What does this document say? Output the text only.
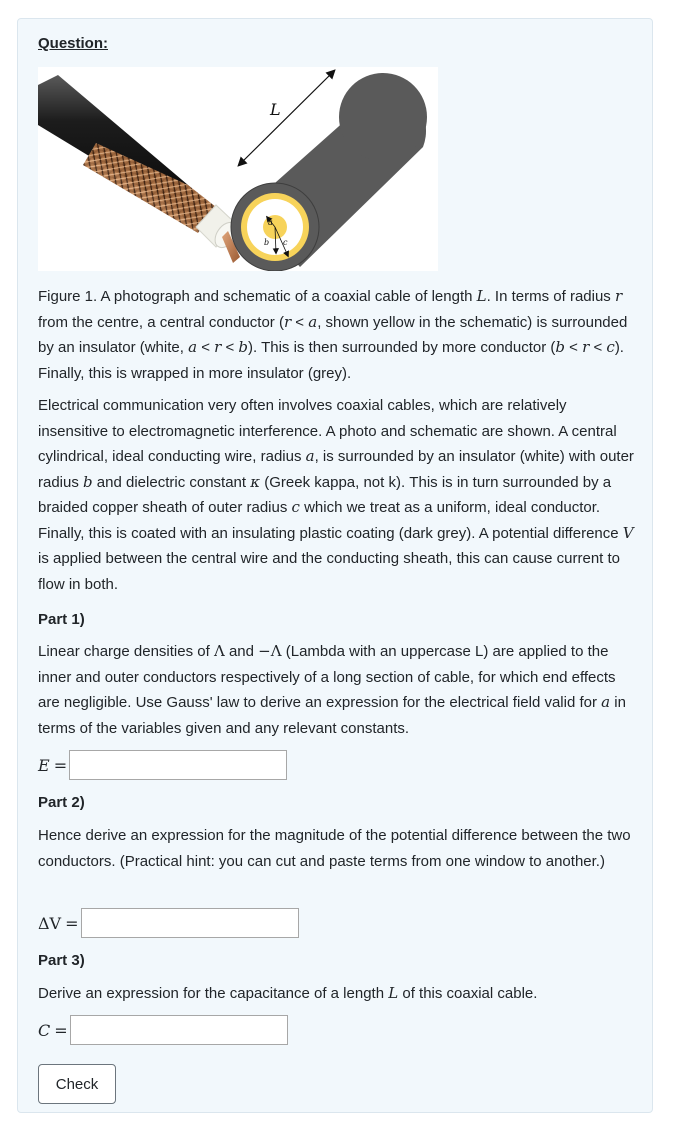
Question:

a
b c
L

Figure 1. A photograph and schematic of a coaxial cable of length L. In terms of radius r from the centre, a central conductor (r < a, shown yellow in the schematic) is surrounded by an insulator (white, a < r < b). This is then surrounded by more conductor (b < r < c). Finally, this is wrapped in more insulator (grey).

Electrical communication very often involves coaxial cables, which are relatively insensitive to electromagnetic interference. A photo and schematic are shown. A central cylindrical, ideal conducting wire, radius a, is surrounded by an insulator (white) with outer radius b and dielectric constant κ (Greek kappa, not k). This is in turn surrounded by a braided copper sheath of outer radius c which we treat as a uniform, ideal conductor. Finally, this is coated with an insulating plastic coating (dark grey). A potential difference V is applied between the central wire and the conducting sheath, this can cause current to flow in both.

Part 1)

Linear charge densities of Λ and −Λ (Lambda with an uppercase L) are applied to the inner and outer conductors respectively of a long section of cable, for which end effects are negligible. Use Gauss' law to derive an expression for the electrical field valid for a in terms of the variables given and any relevant constants.

E =

Part 2)

Hence derive an expression for the magnitude of the potential difference between the two conductors. (Practical hint: you can cut and paste terms from one window to another.)

ΔV =

Part 3)

Derive an expression for the capacitance of a length L of this coaxial cable.

C =
Check
